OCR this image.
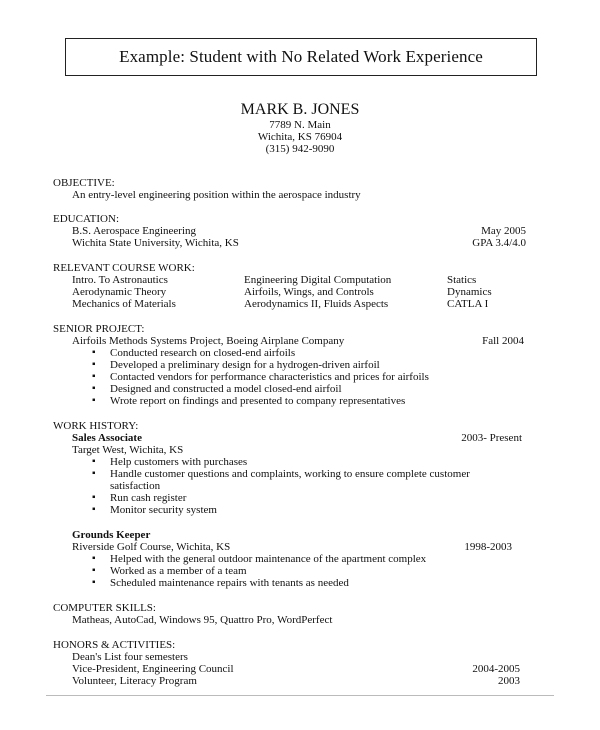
Example: Student with No Related Work Experience
MARK B. JONES
7789 N. Main
Wichita, KS 76904
(315) 942-9090
OBJECTIVE:
An entry-level engineering position within the aerospace industry
EDUCATION:
B.S. Aerospace Engineering	May 2005
Wichita State University, Wichita, KS	GPA 3.4/4.0
RELEVANT COURSE WORK:
Intro. To Astronautics	Engineering Digital Computation	Statics
Aerodynamic Theory	Airfoils, Wings, and Controls	Dynamics
Mechanics of Materials	Aerodynamics II, Fluids Aspects	CATLA I
SENIOR PROJECT:
Airfoils Methods Systems Project, Boeing Airplane Company	Fall 2004
▪ Conducted research on closed-end airfoils
▪ Developed a preliminary design for a hydrogen-driven airfoil
▪ Contacted vendors for performance characteristics and prices for airfoils
▪ Designed and constructed a model closed-end airfoil
▪ Wrote report on findings and presented to company representatives
WORK HISTORY:
Sales Associate	2003- Present
Target West, Wichita, KS
▪ Help customers with purchases
▪ Handle customer questions and complaints, working to ensure complete customer
satisfaction
▪ Run cash register
▪ Monitor security system
Grounds Keeper
Riverside Golf Course, Wichita, KS	1998-2003
▪ Helped with the general outdoor maintenance of the apartment complex
▪ Worked as a member of a team
▪ Scheduled maintenance repairs with tenants as needed
COMPUTER SKILLS:
Matheas, AutoCad, Windows 95, Quattro Pro, WordPerfect
HONORS & ACTIVITIES:
Dean's List four semesters
Vice-President, Engineering Council	2004-2005
Volunteer, Literacy Program	2003
